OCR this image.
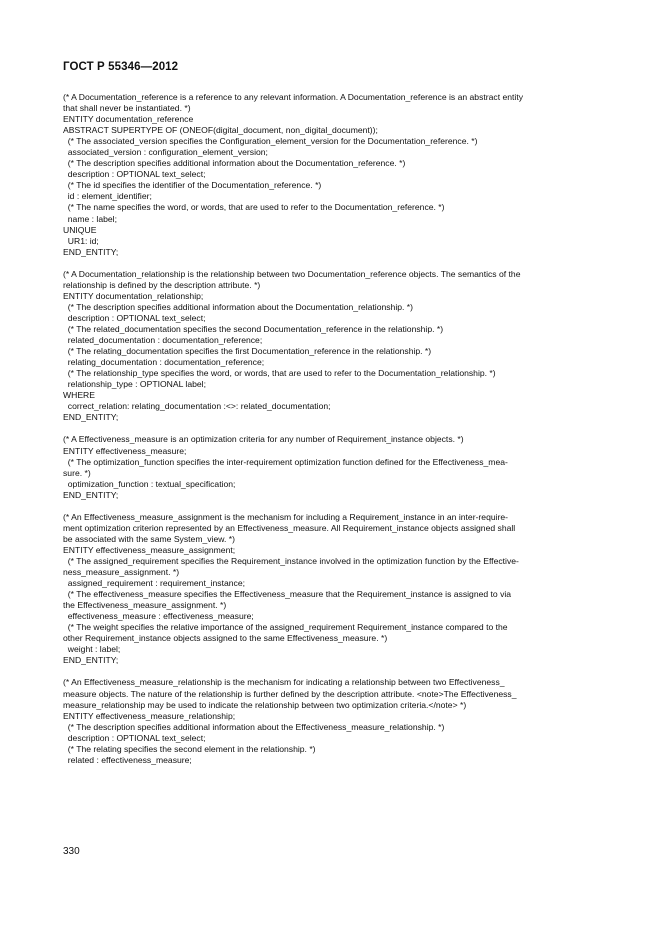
ГОСТ Р 55346—2012
(* A Documentation_reference is a reference to any relevant information. A Documentation_reference is an abstract entity
that shall never be instantiated. *)
ENTITY documentation_reference
ABSTRACT SUPERTYPE OF (ONEOF(digital_document, non_digital_document));
(* The associated_version specifies the Configuration_element_version for the Documentation_reference. *)
associated_version : configuration_element_version;
(* The description specifies additional information about the Documentation_reference. *)
description : OPTIONAL text_select;
(* The id specifies the identifier of the Documentation_reference. *)
id : element_identifier;
(* The name specifies the word, or words, that are used to refer to the Documentation_reference. *)
name : label;
UNIQUE
UR1: id;
END_ENTITY;
(* A Documentation_relationship is the relationship between two Documentation_reference objects. The semantics of the
relationship is defined by the description attribute. *)
ENTITY documentation_relationship;
(* The description specifies additional information about the Documentation_relationship. *)
description : OPTIONAL text_select;
(* The related_documentation specifies the second Documentation_reference in the relationship. *)
related_documentation : documentation_reference;
(* The relating_documentation specifies the first Documentation_reference in the relationship. *)
relating_documentation : documentation_reference;
(* The relationship_type specifies the word, or words, that are used to refer to the Documentation_relationship. *)
relationship_type : OPTIONAL label;
WHERE
correct_relation: relating_documentation :<>: related_documentation;
END_ENTITY;
(* A Effectiveness_measure is an optimization criteria for any number of Requirement_instance objects. *)
ENTITY effectiveness_measure;
(* The optimization_function specifies the inter-requirement optimization function defined for the Effectiveness_mea-
sure. *)
optimization_function : textual_specification;
END_ENTITY;
(* An Effectiveness_measure_assignment is the mechanism for including a Requirement_instance in an inter-require-
ment optimization criterion represented by an Effectiveness_measure. All Requirement_instance objects assigned shall
be associated with the same System_view. *)
ENTITY effectiveness_measure_assignment;
(* The assigned_requirement specifies the Requirement_instance involved in the optimization function by the Effective-
ness_measure_assignment. *)
assigned_requirement : requirement_instance;
(* The effectiveness_measure specifies the Effectiveness_measure that the Requirement_instance is assigned to via
the Effectiveness_measure_assignment. *)
effectiveness_measure : effectiveness_measure;
(* The weight specifies the relative importance of the assigned_requirement Requirement_instance compared to the
other Requirement_instance objects assigned to the same Effectiveness_measure. *)
weight : label;
END_ENTITY;
(* An Effectiveness_measure_relationship is the mechanism for indicating a relationship between two Effectiveness_
measure objects. The nature of the relationship is further defined by the description attribute. <note>The Effectiveness_
measure_relationship may be used to indicate the relationship between two optimization criteria.</note> *)
ENTITY effectiveness_measure_relationship;
(* The description specifies additional information about the Effectiveness_measure_relationship. *)
description : OPTIONAL text_select;
(* The relating specifies the second element in the relationship. *)
related : effectiveness_measure;
330
